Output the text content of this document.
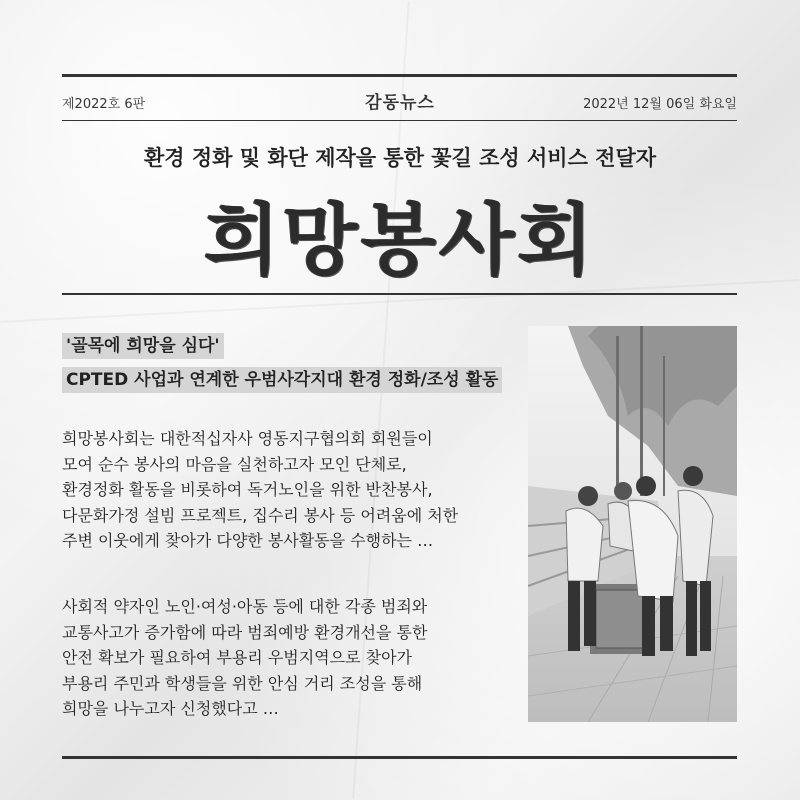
제2022호 6판	감동뉴스	2022년 12월 06일 화요일
환경 정화 및 화단 제작을 통한 꽃길 조성 서비스 전달자
희망봉사회
'골목에 희망을 심다'
CPTED 사업과 연계한 우범사각지대 환경 정화/조성 활동
희망봉사회는 대한적십자사 영동지구협의회 회원들이
모여 순수 봉사의 마음을 실천하고자 모인 단체로,
환경정화 활동을 비롯하여 독거노인을 위한 반찬봉사,
다문화가정 설빔 프로젝트, 집수리 봉사 등 어려움에 처한
주변 이웃에게 찾아가 다양한 봉사활동을 수행하는 …
사회적 약자인 노인·여성·아동 등에 대한 각종 범죄와
교통사고가 증가함에 따라 범죄예방 환경개선을 통한
안전 확보가 필요하여 부용리 우범지역으로 찾아가
부용리 주민과 학생들을 위한 안심 거리 조성을 통해
희망을 나누고자 신청했다고 …
